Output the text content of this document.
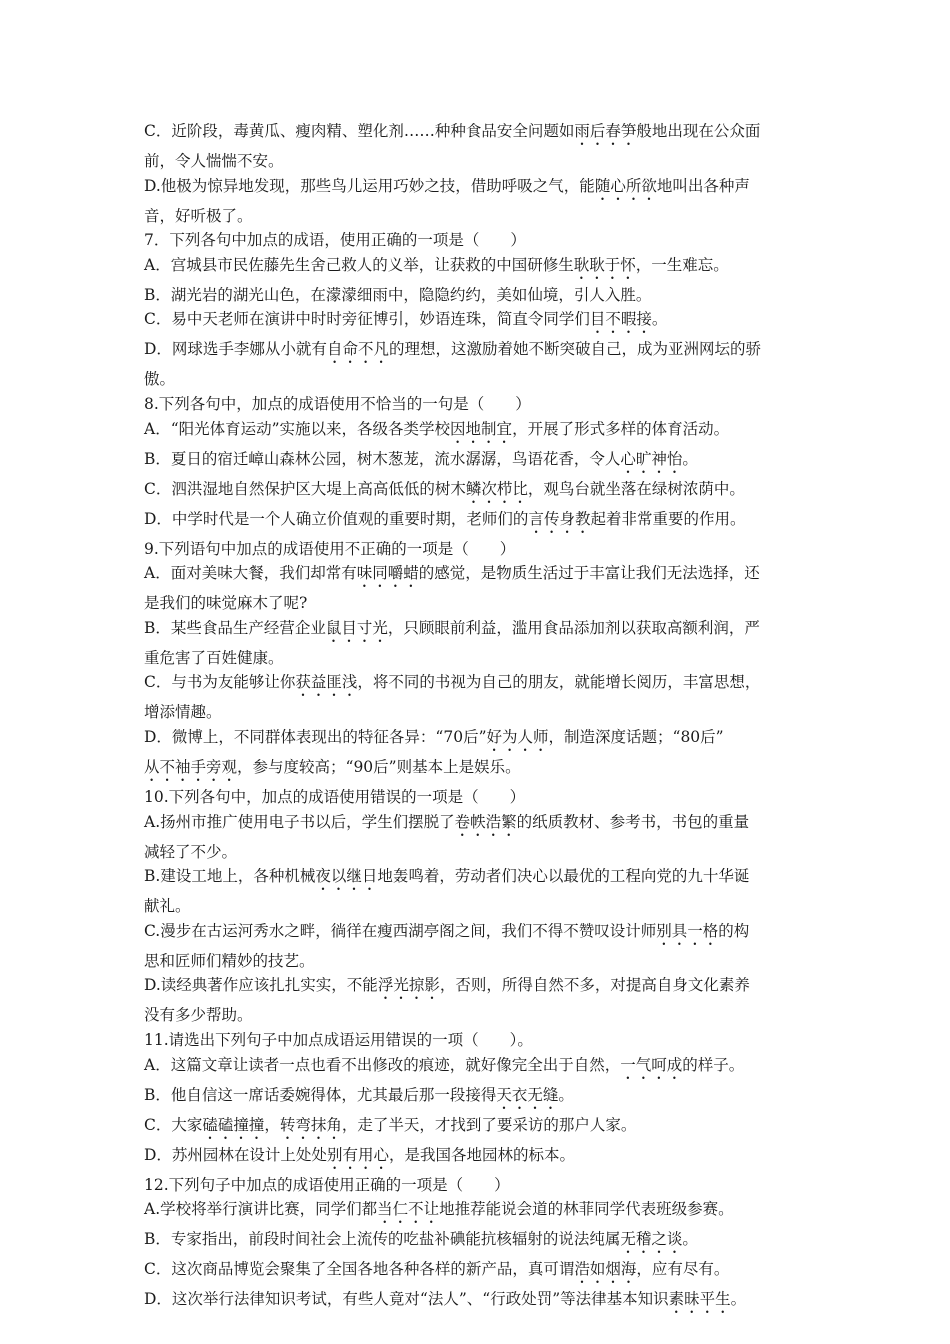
C．近阶段，毒黄瓜、瘦肉精、塑化剂……种种食品安全问题如雨后春笋般地出现在公众面

前，令人惴惴不安。

D.他极为惊异地发现，那些鸟儿运用巧妙之技，借助呼吸之气，能随心所欲地叫出各种声

音，好听极了。

7．下列各句中加点的成语，使用正确的一项是（　　）

A．宫城县市民佐藤先生舍己救人的义举，让获救的中国研修生耿耿于怀，一生难忘。

B．湖光岩的湖光山色，在濛濛细雨中，隐隐约约，美如仙境，引人入胜。

C．易中天老师在演讲中时时旁征博引，妙语连珠，简直令同学们目不暇接。

D．网球选手李娜从小就有自命不凡的理想，这激励着她不断突破自己，成为亚洲网坛的骄

傲。

8.下列各句中，加点的成语使用不恰当的一句是（　　）

A．“阳光体育运动”实施以来，各级各类学校因地制宜，开展了形式多样的体育活动。

B．夏日的宿迁嶂山森林公园，树木葱茏，流水潺潺，鸟语花香，令人心旷神怡。

C．泗洪湿地自然保护区大堤上高高低低的树木鳞次栉比，观鸟台就坐落在绿树浓荫中。

D．中学时代是一个人确立价值观的重要时期，老师们的言传身教起着非常重要的作用。

9.下列语句中加点的成语使用不正确的一项是（　　）

A．面对美味大餐，我们却常有味同嚼蜡的感觉，是物质生活过于丰富让我们无法选择，还

是我们的味觉麻木了呢?

B．某些食品生产经营企业鼠目寸光，只顾眼前利益，滥用食品添加剂以获取高额利润，严

重危害了百姓健康。

C．与书为友能够让你获益匪浅，将不同的书视为自己的朋友，就能增长阅历，丰富思想，

增添情趣。

D．微博上，不同群体表现出的特征各异：“70后”好为人师，制造深度话题；“80后”

从不袖手旁观，参与度较高；“90后”则基本上是娱乐。

10.下列各句中，加点的成语使用错误的一项是（　　）

A.扬州市推广使用电子书以后，学生们摆脱了卷帙浩繁的纸质教材、参考书，书包的重量

减轻了不少。

B.建设工地上，各种机械夜以继日地轰鸣着，劳动者们决心以最优的工程向党的九十华诞

献礼。

C.漫步在古运河秀水之畔，徜徉在瘦西湖亭阁之间，我们不得不赞叹设计师别具一格的构

思和匠师们精妙的技艺。

D.读经典著作应该扎扎实实，不能浮光掠影，否则，所得自然不多，对提高自身文化素养

没有多少帮助。

11.请选出下列句子中加点成语运用错误的一项（　　）。

A．这篇文章让读者一点也看不出修改的痕迹，就好像完全出于自然，一气呵成的样子。

B．他自信这一席话委婉得体，尤其最后那一段接得天衣无缝。

C．大家磕磕撞撞，转弯抹角，走了半天，才找到了要采访的那户人家。

D．苏州园林在设计上处处别有用心，是我国各地园林的标本。

12.下列句子中加点的成语使用正确的一项是（　　）

A.学校将举行演讲比赛，同学们都当仁不让地推荐能说会道的林菲同学代表班级参赛。

B．专家指出，前段时间社会上流传的吃盐补碘能抗核辐射的说法纯属无稽之谈。

C．这次商品博览会聚集了全国各地各种各样的新产品，真可谓浩如烟海，应有尽有。

D．这次举行法律知识考试，有些人竟对“法人”、“行政处罚”等法律基本知识素昧平生。
